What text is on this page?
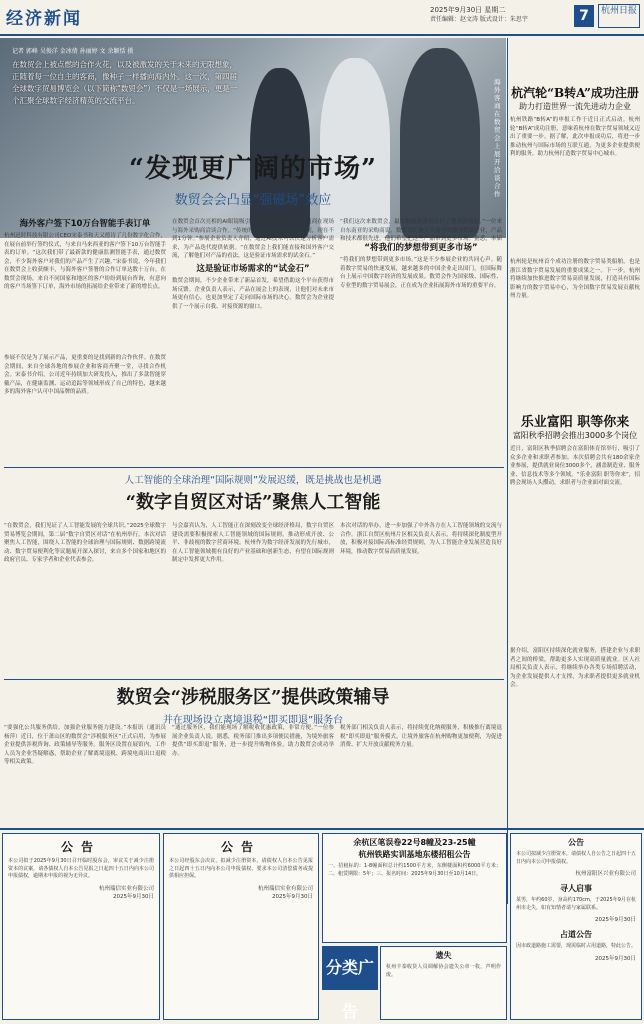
经济新闻	2025年9月30日 星期二
责任编辑：赵文涛 版式设计：朱思宇	7	杭州日报

记者 郭峰 吴俊洋 金冰倩 孙丽婷 文 余颖恬 摄

在数贸会上被点燃的合作火花，以及被激发的关于未来的无限想象，正随着每一位自主的客商，像种子一样播向海内外。这一次，第四届全球数字贸易博览会（以下简称“数贸会”）不仅是一场展示，更是一个汇聚全球数字经济精英的交流平台。

海外客商在数贸会上展开洽谈合作
“发现更广阔的市场”
数贸会会凸显“强磁场”效应
海外客户签下10万台智能手表订单

杭州迅时科技有限公司CEO宋泰书和天又德诗了几份数字化合作，在展台前举行签约仪式，与来自马来西亚的客户签下10万台智能手表的订单。“这次我们带了最新款的健康监测智能手表，通过数贸会，不少海外客户对我们的产品产生了兴趣。”宋泰书说，今年我们在数贸会上收获颇丰，与海外客户签署的合作订单达数十万台。在数贸会现场，来自不同国家和地区的客户纷纷到展台咨询，有意向的客户当场签下订单，海外市场的拓展给企业带来了新的增长点。

参展不仅是为了展示产品，更重要的是找到新的合作伙伴。在数贸会期间，来自全球各地的参展企业和客商齐聚一堂，寻找合作机会。宋泰书介绍，公司近年持续加大研发投入，推出了多款智能穿戴产品，在健康监测、运动追踪等领域形成了自己的特色，越来越多的海外客户认可中国品牌的品质。

在数贸会首次亮相的AI眼镜吸引了众多观众驻足体验，展商在现场与海外采购商洽谈合作。“传统的市场调研需要3-5天时间，现在不到1分钟。”参展企业负责人介绍，通过AI技术可以快速分析客户需求，为产品迭代提供依据。“在数贸会上我们能直接和国外客户交流，了解他们对产品的看法，这是验证市场需求的试金石。”

这是验证市场需求的“试金石”

数贸会期间，不少企业带来了新品首发，希望借助这个平台获得市场反馈。企业负责人表示，产品在展会上的表现，让他们对未来市场更有信心，也更加坚定了走向国际市场的决心。数贸会为企业提供了一个展示自我、对接资源的窗口。

“我们这次来数贸会，最大的收获就是认识了很多新朋友。”一位来自东南亚的采购商说，数贸会汇聚了大量中国数字贸易企业，产品和技术都很先进，他们希望把这些产品带到更多市场。据悉，本届

“将我们的梦想带到更多市场”

“将我们的梦想带到更多市场。”这是不少参展企业的共同心声。随着数字贸易的快速发展，越来越多的中国企业走出国门，在国际舞台上展示中国数字经济的发展成果。数贸会作为国家级、国际性、专业型的数字贸易展会，正在成为企业拓展海外市场的重要平台。

杭汽轮“B转A”成功注册
助力打造世界一流先进动力企业

杭州铁路“B转A”的申报工作于近日正式启动。杭州轮“B转A”成功注册，意味着杭州在数字贸易领域又迈出了重要一步。据了解，此次申报成功后，将进一步推动杭州与国际市场的互联互通，为更多企业提供便利的服务，助力杭州打造数字贸易中心城市。

杭州轮是杭州首个成功注册的数字贸易类船舶，也是浙江省数字贸易发展的重要成果之一。下一步，杭州将继续加快推进数字贸易高质量发展，打造具有国际影响力的数字贸易中心，为全国数字贸易发展贡献杭州力量。

乐业富阳 职等你来
富阳秋季招聘会推出3000多个岗位

近日，富阳区秋季招聘会在富阳体育馆举行，吸引了众多企业和求职者参加。本次招聘会共有180余家企业参展，提供就业岗位3000多个，涵盖制造业、服务业、信息技术等多个领域。“乐业富阳 职等你来”，招聘会现场人头攒动，求职者与企业面对面交流。

据介绍，富阳区持续深化就业服务，搭建企业与求职者之间的桥梁，帮助更多人实现高质量就业。区人社局相关负责人表示，将继续举办各类专场招聘活动，为企业发展提供人才支撑，为求职者提供更多就业机会。

人工智能的全球治理“国际规则”发展迟缓，既是挑战也是机遇
“数字自贸区对话”聚焦人工智能

“在数贸会，我们见证了人工智能发展的全球共识。”2025全球数字贸易博览会期间，第二届“数字自贸区对话”在杭州举行。本次对话聚焦人工智能，围绕人工智能的全球治理与国际规则、数据跨境流动、数字贸易便利化等议题展开深入探讨，来自多个国家和地区的政府官员、专家学者和企业代表参会。

与会嘉宾认为，人工智能正在深刻改变全球经济格局，数字自贸区建设需要积极探索人工智能领域的国际规则，推动形成开放、公平、非歧视的数字营商环境。杭州作为数字经济发展的先行城市，在人工智能领域拥有良好的产业基础和创新生态，有望在国际规则制定中发挥更大作用。

本次对话的举办，进一步加强了中外各方在人工智能领域的交流与合作。浙江自贸区杭州片区相关负责人表示，将持续深化制度型开放，积极对接国际高标准经贸规则，为人工智能企业发展营造良好环境，推动数字贸易高质量发展。

数贸会“涉税服务区”提供政策辅导
并在现场设立离境退税“即买即退”服务台

“要强化公共服务供给，加强企业服务能力建设。”本报讯（通讯员 杨萍）近日，位于萧山区的数贸会“涉税服务区”正式启用，为参展企业提供涉税咨询、政策辅导等服务。服务区设置在展馆内，工作人员为企业答疑解惑，帮助企业了解离境退税、跨境电商出口退税等相关政策。

“通过服务区，我们能现场了解税收优惠政策，非常方便。”一位参展企业负责人说。据悉，税务部门推出多项便民措施，为境外旅客提供“即买即退”服务，进一步提升购物体验，助力数贸会成功举办。

税务部门相关负责人表示，将持续优化纳税服务，积极推行离境退税“即买即退”服务模式，让境外旅客在杭州购物更加便利，为促进消费、扩大开放贡献税务力量。

公告

本公司拟于2025年9月30日召开临时股东会，审议关于减少注册资本的议案，请各债权人自本公告见报之日起四十五日内向本公司申报债权，逾期未申报的视为无异议。

杭州瑞信实业有限公司

2025年9月30日

公告

本公司经股东会决议，拟减少注册资本，请债权人自本公告见报之日起四十五日内向本公司申报债权，要求本公司清偿债务或提供相应担保。

杭州瑞信实业有限公司

2025年9月30日

余杭区笔误卷22号8幢及23-25幢
杭州铁路实训基地东楼招租公告

一、招租标的：1-8幢面积总计约1500平方米，东侧楼面积约6000平方米；二、租赁期限：5年；三、报名时间：2025年9月30日至10月14日。

分类广告
遗失

杭州丰泰收货人员调解协会遗失公章一枚，声明作废。

公告

本公司拟减少注册资本，请债权人自公告之日起四十五日内向本公司申报债权。

杭州富阳区兴业有限公司

寻人启事

某男，年约60岁，身高约170cm，于2025年9月在杭州市走失，如有知情者请与家属联系。

2025年9月30日

占道公告

因市政道路施工需要，现需临时占用道路，特此公告。

2025年9月30日
